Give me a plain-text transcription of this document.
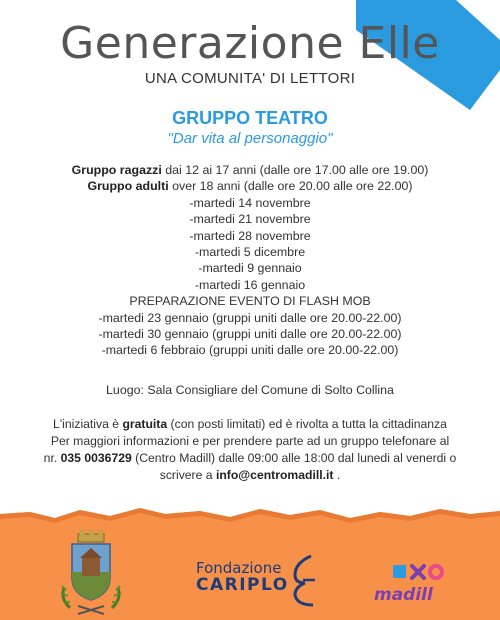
Generazione Elle
UNA COMUNITA' DI LETTORI
GRUPPO TEATRO
"Dar vita al personaggio"
Gruppo ragazzi dai 12 ai 17 anni (dalle ore 17.00 alle ore 19.00)
Gruppo adulti over 18 anni (dalle ore 20.00 alle ore 22.00)
-martedi 14 novembre
-martedi 21 novembre
-martedi 28 novembre
-martedi 5 dicembre
-martedi 9 gennaio
-martedi 16 gennaio
PREPARAZIONE EVENTO DI FLASH MOB
-martedi 23 gennaio (gruppi uniti dalle ore 20.00-22.00)
-martedi 30 gennaio (gruppi uniti dalle ore 20.00-22.00)
-martedi 6 febbraio (gruppi uniti dalle ore 20.00-22.00)
Luogo: Sala Consigliare del Comune di Solto Collina
L'iniziativa è gratuita (con posti limitati) ed è rivolta a tutta la cittadinanza
Per maggiori informazioni e per prendere parte ad un gruppo telefonare al
nr. 035 0036729 (Centro Madill) dalle 09:00 alle 18:00 dal lunedi al venerdi o
scrivere a info@centromadill.it .
Fondazione
CARIPLO	madill
